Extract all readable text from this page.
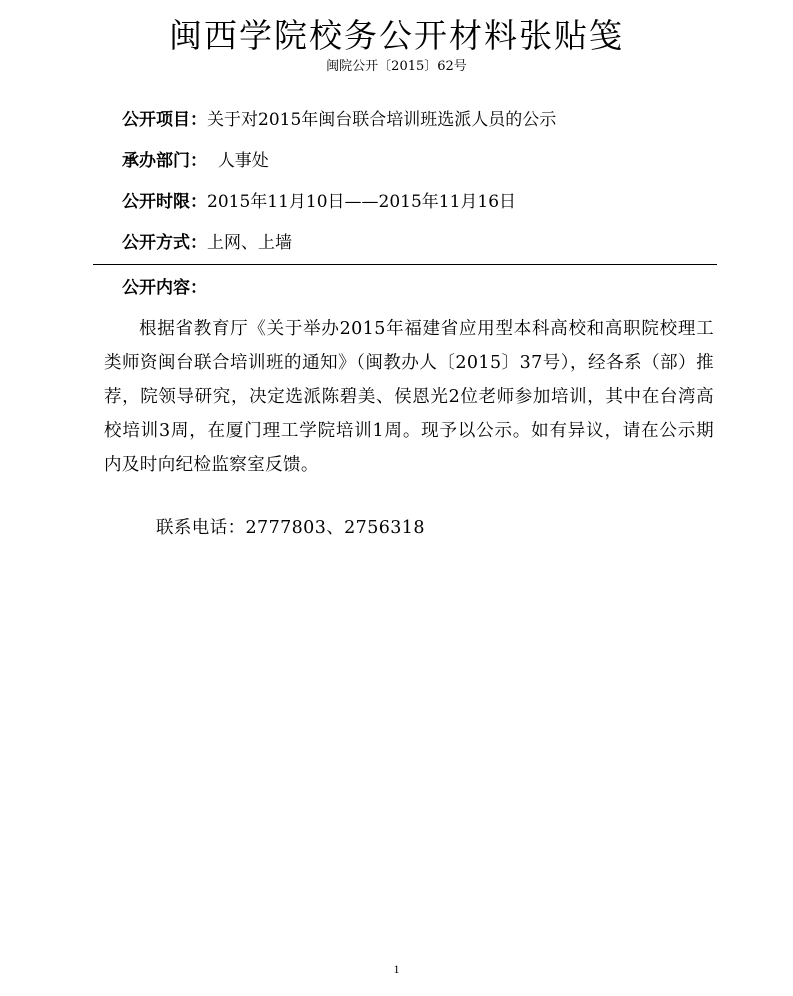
闽西学院校务公开材料张贴笺
闽院公开〔2015〕62号
公开项目：关于对2015年闽台联合培训班选派人员的公示
承办部门： 人事处
公开时限：2015年11月10日——2015年11月16日
公开方式：上网、上墙
公开内容：
根据省教育厅《关于举办2015年福建省应用型本科高校和高职院校理工类师资闽台联合培训班的通知》（闽教办人〔2015〕37号），经各系（部）推荐，院领导研究，决定选派陈碧美、侯恩光2位老师参加培训，其中在台湾高校培训3周，在厦门理工学院培训1周。现予以公示。如有异议，请在公示期内及时向纪检监察室反馈。
联系电话：2777803、2756318
1
